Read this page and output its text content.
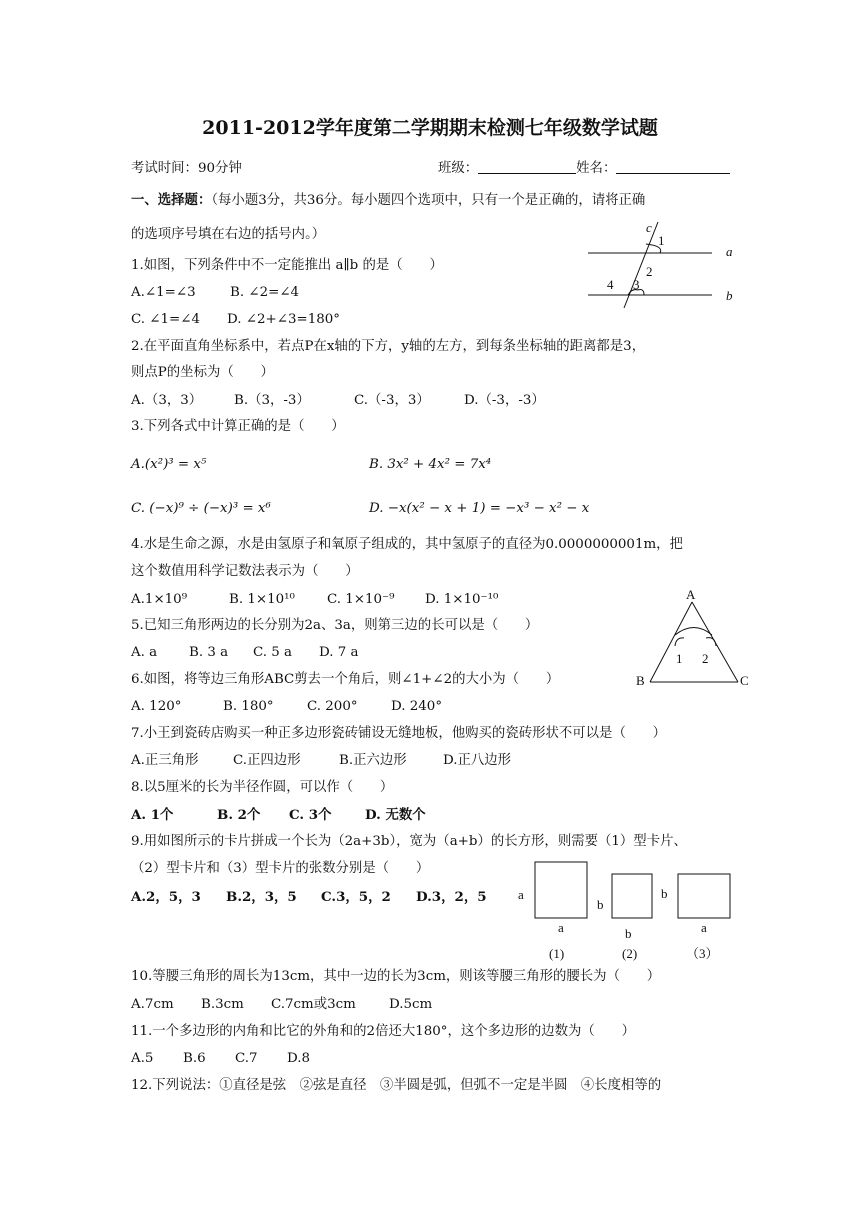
2011-2012学年度第二学期期末检测七年级数学试题
考试时间：90分钟	班级：	姓名：
一、选择题：（每小题3分，共36分。每小题四个选项中，只有一个是正确的，请将正确
的选项序号填在右边的括号内。）
1.如图，下列条件中不一定能推出 a∥b 的是（　　）
A.∠1=∠3	B. ∠2=∠4
C. ∠1=∠4 D. ∠2+∠3=180°
c
1
2
3
4
a
b
2.在平面直角坐标系中，若点P在x轴的下方，y轴的左方，到每条坐标轴的距离都是3，
则点P的坐标为（　　）
A.（3，3） B.（3，-3）	C.（-3，3）	D.（-3，-3）
3.下列各式中计算正确的是（　　）
A.(x²)³ = x⁵	B. 3x² + 4x² = 7x⁴
C. (−x)⁹ ÷ (−x)³ = x⁶	D. −x(x² − x + 1) = −x³ − x² − x
4.水是生命之源，水是由氢原子和氧原子组成的，其中氢原子的直径为0.0000000001m，把
这个数值用科学记数法表示为（　　）
A.1×10⁹	B. 1×10¹⁰ C. 1×10⁻⁹ D. 1×10⁻¹⁰
5.已知三角形两边的长分别为2a、3a，则第三边的长可以是（　　）
A. a B. 3 a C. 5 a D. 7 a
A
B	C
1 2
6.如图，将等边三角形ABC剪去一个角后，则∠1+∠2的大小为（　　）
A. 120°	B. 180° C. 200° D. 240°
7.小王到瓷砖店购买一种正多边形瓷砖铺设无缝地板，他购买的瓷砖形状不可以是（　　）
A.正三角形	C.正四边形	B.正六边形	D.正八边形
8.以5厘米的长为半径作圆，可以作（　　）
A. 1个	B. 2个 C. 3个	D. 无数个
9.用如图所示的卡片拼成一个长为（2a+3b），宽为（a+b）的长方形，则需要（1）型卡片、
（2）型卡片和（3）型卡片的张数分别是（　　）
A.2，5，3 B.2，3，5 C.3，5，2 D.3，2，5 a
a
b
b
b
a
(1)	(2)	（3）
10.等腰三角形的周长为13cm，其中一边的长为3cm，则该等腰三角形的腰长为（　　）
A.7cm B.3cm C.7cm或3cm D.5cm
11.一个多边形的内角和比它的外角和的2倍还大180°，这个多边形的边数为（　　）
A.5 B.6 C.7 D.8
12.下列说法：①直径是弦　②弦是直径　③半圆是弧，但弧不一定是半圆　④长度相等的
